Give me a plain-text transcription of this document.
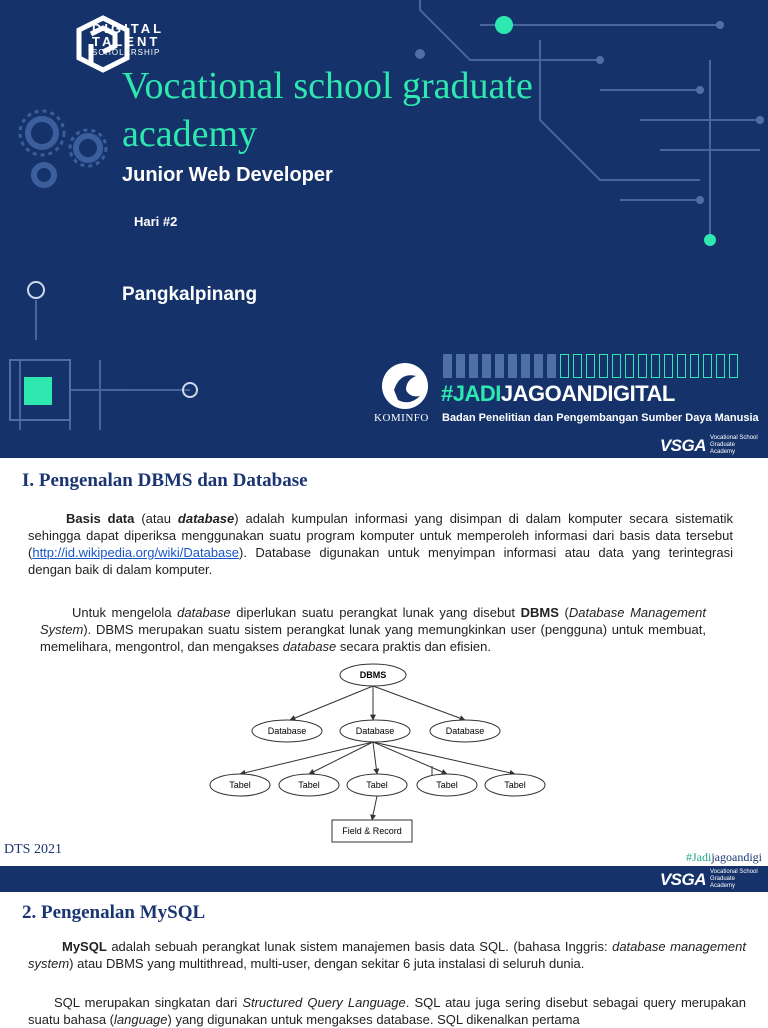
DIGITAL
TALENT
SCHOLARSHIP
Vocational school graduate academy
Junior Web Developer
Hari #2
Pangkalpinang
KOMINFO
#JADIJAGOANDIGITAL
Badan Penelitian dan Pengembangan Sumber Daya Manusia
VSGA Vocational School Graduate Academy
I. Pengenalan DBMS dan Database

Basis data (atau database) adalah kumpulan informasi yang disimpan di dalam komputer secara sistematik sehingga dapat diperiksa menggunakan suatu program komputer untuk memperoleh informasi dari basis data tersebut (http://id.wikipedia.org/wiki/Database). Database digunakan untuk menyimpan informasi atau data yang terintegrasi dengan baik di dalam komputer.

Untuk mengelola database diperlukan suatu perangkat lunak yang disebut DBMS (Database Management System). DBMS merupakan suatu sistem perangkat lunak yang memungkinkan user (pengguna) untuk membuat, memelihara, mengontrol, dan mengakses database secara praktis dan efisien.

DBMS
Database	Database	Database
Tabel	Tabel	Tabel	Tabel	Tabel
Field & Record
DTS 2021	#Jadijagoandigi
VSGA Vocational School Graduate Academy
2. Pengenalan MySQL

MySQL adalah sebuah perangkat lunak sistem manajemen basis data SQL. (bahasa Inggris: database management system) atau DBMS yang multithread, multi-user, dengan sekitar 6 juta instalasi di seluruh dunia.

SQL merupakan singkatan dari Structured Query Language. SQL atau juga sering disebut sebagai query merupakan suatu bahasa (language) yang digunakan untuk mengakses database. SQL dikenalkan pertama
